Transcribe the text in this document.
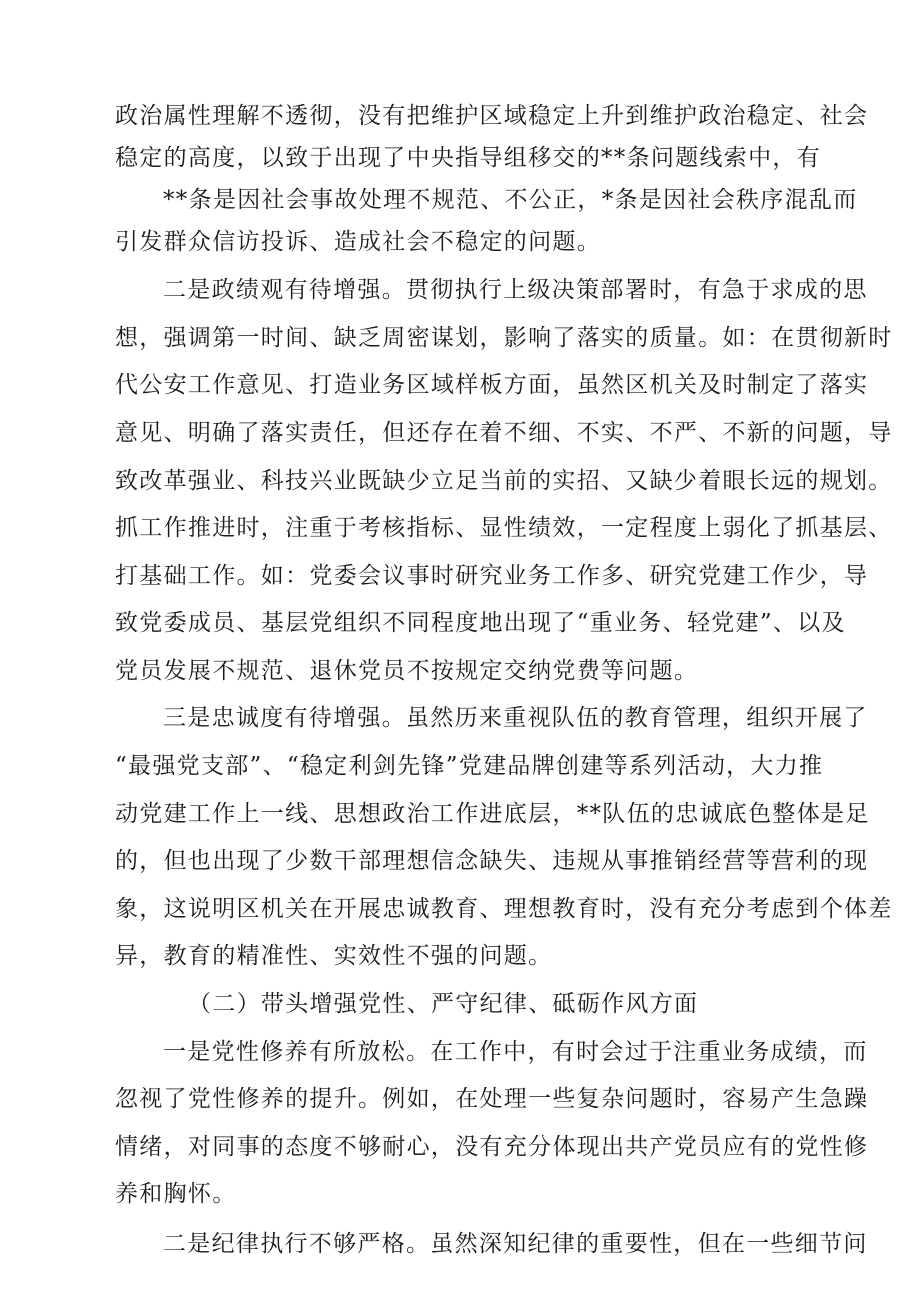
政治属性理解不透彻，没有把维护区域稳定上升到维护政治稳定、社会
稳定的高度，以致于出现了中央指导组移交的**条问题线索中，有
**条是因社会事故处理不规范、不公正，*条是因社会秩序混乱而
引发群众信访投诉、造成社会不稳定的问题。
二是政绩观有待增强。贯彻执行上级决策部署时，有急于求成的思
想，强调第一时间、缺乏周密谋划，影响了落实的质量。如：在贯彻新时
代公安工作意见、打造业务区域样板方面，虽然区机关及时制定了落实
意见、明确了落实责任，但还存在着不细、不实、不严、不新的问题，导
致改革强业、科技兴业既缺少立足当前的实招、又缺少着眼长远的规划。
抓工作推进时，注重于考核指标、显性绩效，一定程度上弱化了抓基层、
打基础工作。如：党委会议事时研究业务工作多、研究党建工作少，导
致党委成员、基层党组织不同程度地出现了“重业务、轻党建”、以及
党员发展不规范、退休党员不按规定交纳党费等问题。
三是忠诚度有待增强。虽然历来重视队伍的教育管理，组织开展了
“最强党支部”、“稳定利剑先锋”党建品牌创建等系列活动，大力推
动党建工作上一线、思想政治工作进底层，**队伍的忠诚底色整体是足
的，但也出现了少数干部理想信念缺失、违规从事推销经营等营利的现
象，这说明区机关在开展忠诚教育、理想教育时，没有充分考虑到个体差
异，教育的精准性、实效性不强的问题。
（二）带头增强党性、严守纪律、砥砺作风方面
一是党性修养有所放松。在工作中，有时会过于注重业务成绩，而
忽视了党性修养的提升。例如，在处理一些复杂问题时，容易产生急躁
情绪，对同事的态度不够耐心，没有充分体现出共产党员应有的党性修
养和胸怀。
二是纪律执行不够严格。虽然深知纪律的重要性，但在一些细节问
